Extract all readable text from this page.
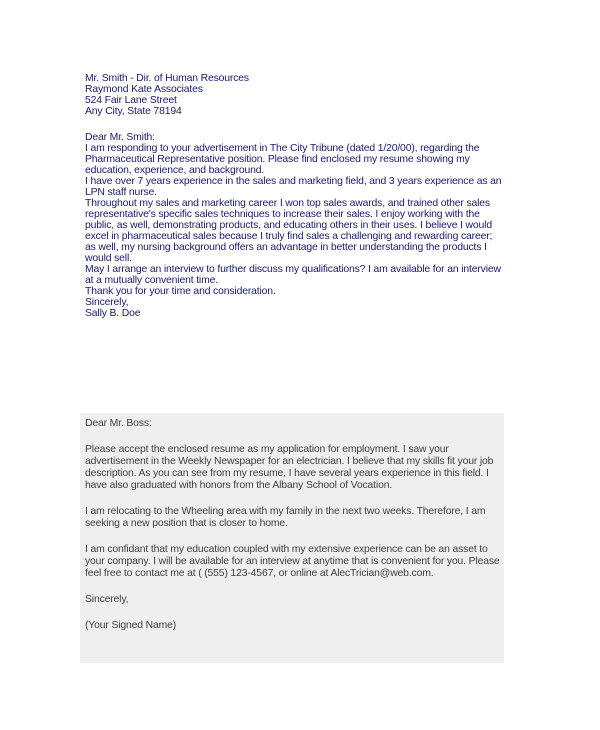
Mr. Smith - Dir. of Human Resources

Raymond Kate Associates

524 Fair Lane Street

Any City, State 78194

Dear Mr. Smith:

I am responding to your advertisement in The City Tribune (dated 1/20/00), regarding the Pharmaceutical Representative position. Please find enclosed my resume showing my education, experience, and background.

I have over 7 years experience in the sales and marketing field, and 3 years experience as an LPN staff nurse.

Throughout my sales and marketing career I won top sales awards, and trained other sales representative's specific sales techniques to increase their sales. I enjoy working with the public, as well, demonstrating products, and educating others in their uses. I believe I would excel in pharmaceutical sales because I truly find sales a challenging and rewarding career; as well, my nursing background offers an advantage in better understanding the products I would sell.

May I arrange an interview to further discuss my qualifications? I am available for an interview at a mutually convenient time.

Thank you for your time and consideration.

Sincerely,

Sally B. Doe

Dear Mr. Boss:

Please accept the enclosed resume as my application for employment. I saw your advertisement in the Weekly Newspaper for an electrician. I believe that my skills fit your job description. As you can see from my resume, I have several years experience in this field. I have also graduated with honors from the Albany School of Vocation.

I am relocating to the Wheeling area with my family in the next two weeks. Therefore, I am seeking a new position that is closer to home.

I am confidant that my education coupled with my extensive experience can be an asset to your company. I will be available for an interview at anytime that is convenient for you. Please feel free to contact me at ( (555) 123-4567, or online at AlecTrician@web.com.

Sincerely,

(Your Signed Name)
